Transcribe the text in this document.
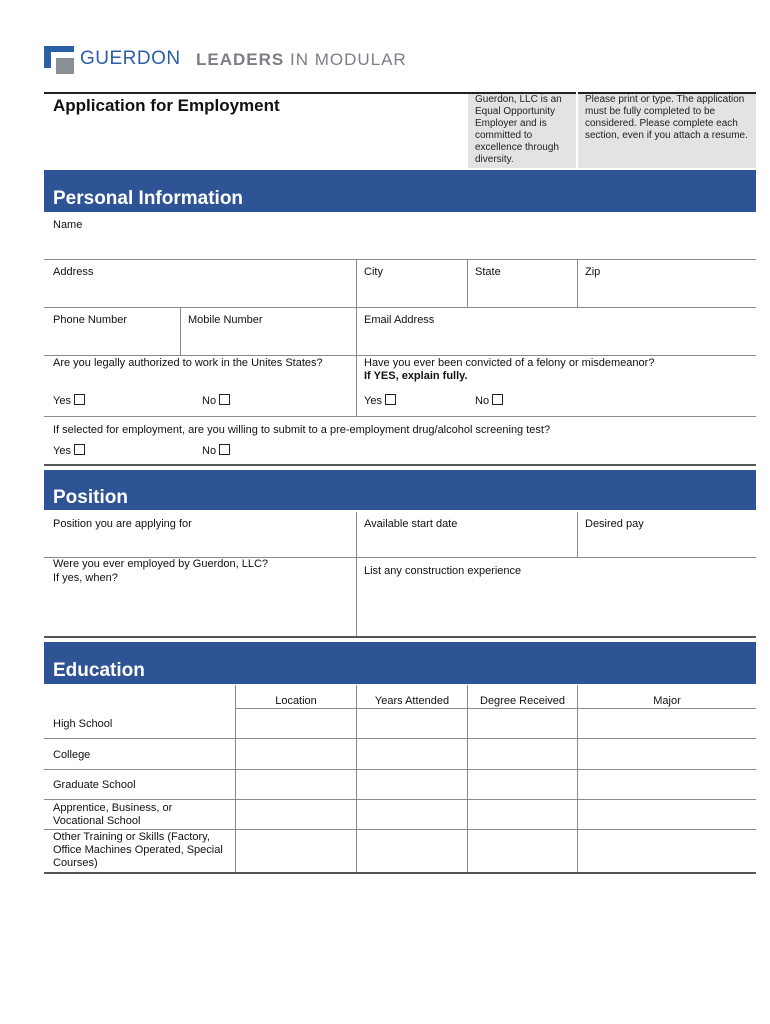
GUERDON LEADERS IN MODULAR
Application for Employment	Guerdon, LLC is an Equal Opportunity Employer and is committed to excellence through diversity.
Please print or type. The application must be fully completed to be considered. Please complete each section, even if you attach a resume.
Personal Information
Name
Address	City	State	Zip
Phone Number	Mobile Number	Email Address
Are you legally authorized to work in the Unites States?
Yes	No
Have you ever been convicted of a felony or misdemeanor?
If YES, explain fully.
Yes	No
If selected for employment, are you willing to submit to a pre-employment drug/alcohol screening test?
Yes	No
Position
Position you are applying for	Available start date	Desired pay
Were you ever employed by Guerdon, LLC?
If yes, when?
List any construction experience
Education
Location	Years Attended	Degree Received	Major
High School
College
Graduate School
Apprentice, Business, or Vocational School
Other Training or Skills (Factory, Office Machines Operated, Special Courses)
